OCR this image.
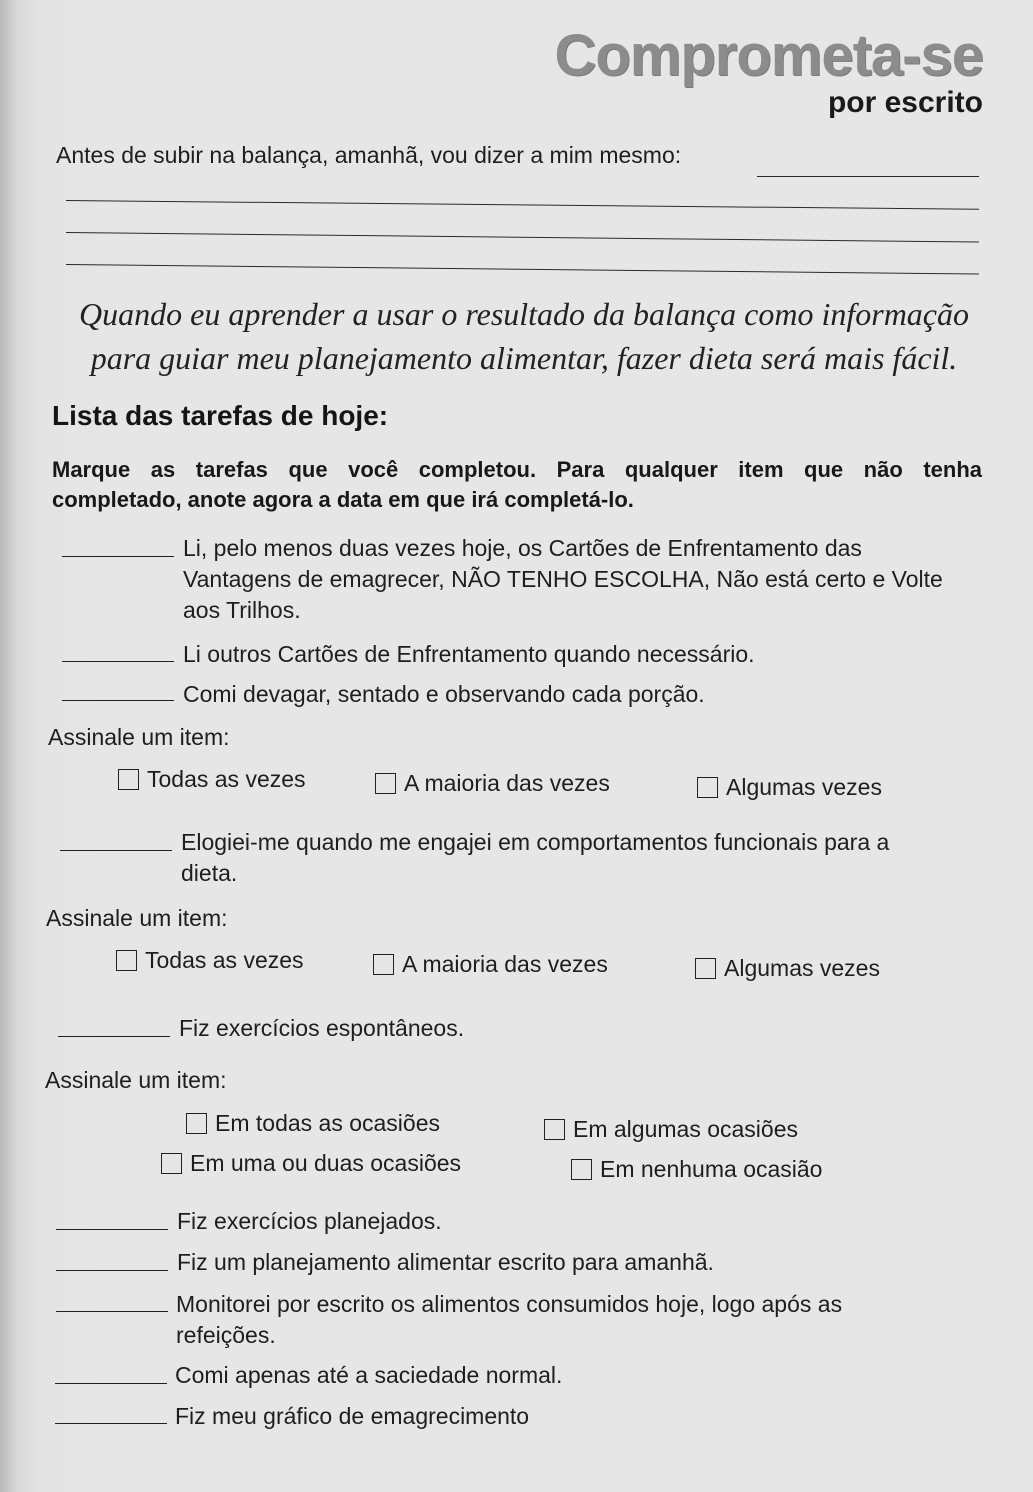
Comprometa-se
por escrito
Antes de subir na balança, amanhã, vou dizer a mim mesmo:
Quando eu aprender a usar o resultado da balança como informação para guiar meu planejamento alimentar, fazer dieta será mais fácil.
Lista das tarefas de hoje:
Marque as tarefas que você completou. Para qualquer item que não tenha
completado, anote agora a data em que irá completá-lo.
Li, pelo menos duas vezes hoje, os Cartões de Enfrentamento das Vantagens de emagrecer, NÃO TENHO ESCOLHA, Não está certo e Volte aos Trilhos.
Li outros Cartões de Enfrentamento quando necessário.
Comi devagar, sentado e observando cada porção.
Assinale um item:
Todas as vezes	A maioria das vezes	Algumas vezes
Elogiei-me quando me engajei em comportamentos funcionais para a dieta.
Assinale um item:
Todas as vezes	A maioria das vezes	Algumas vezes
Fiz exercícios espontâneos.
Assinale um item:
Em todas as ocasiões	Em algumas ocasiões
Em uma ou duas ocasiões	Em nenhuma ocasião
Fiz exercícios planejados.
Fiz um planejamento alimentar escrito para amanhã.
Monitorei por escrito os alimentos consumidos hoje, logo após as refeições.
Comi apenas até a saciedade normal.
Fiz meu gráfico de emagrecimento
